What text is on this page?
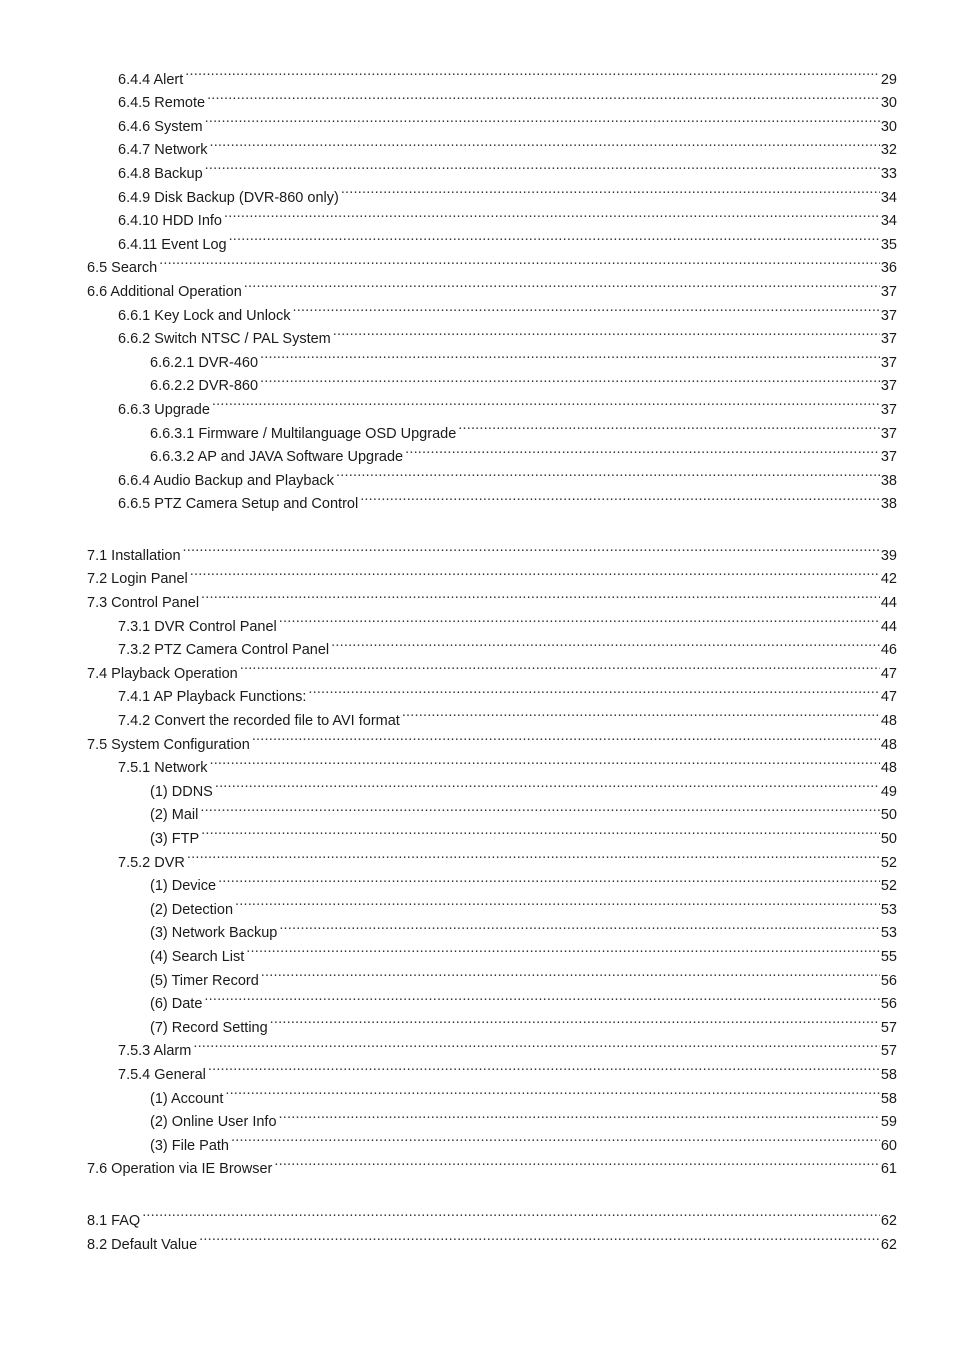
6.4.4 Alert .....	29
6.4.5 Remote .....	30
6.4.6 System .....	30
6.4.7 Network .....	32
6.4.8 Backup .....	33
6.4.9 Disk Backup (DVR-860 only) .....	34
6.4.10 HDD Info .....	34
6.4.11 Event Log .....	35
6.5 Search .....	36
6.6 Additional Operation .....	37
6.6.1 Key Lock and Unlock .....	37
6.6.2 Switch NTSC / PAL System .....	37
6.6.2.1 DVR-460 .....	37
6.6.2.2 DVR-860 .....	37
6.6.3 Upgrade .....	37
6.6.3.1 Firmware / Multilanguage OSD Upgrade .....	37
6.6.3.2 AP and JAVA Software Upgrade .....	37
6.6.4 Audio Backup and Playback .....	38
6.6.5 PTZ Camera Setup and Control .....	38
7.1 Installation .....	39
7.2 Login Panel .....	42
7.3 Control Panel .....	44
7.3.1 DVR Control Panel .....	44
7.3.2 PTZ Camera Control Panel .....	46
7.4 Playback Operation .....	47
7.4.1 AP Playback Functions: .....	47
7.4.2 Convert the recorded file to AVI format .....	48
7.5 System Configuration .....	48
7.5.1 Network .....	48
(1) DDNS .....	49
(2) Mail .....	50
(3) FTP .....	50
7.5.2 DVR .....	52
(1) Device .....	52
(2) Detection .....	53
(3) Network Backup .....	53
(4) Search List .....	55
(5) Timer Record .....	56
(6) Date .....	56
(7) Record Setting .....	57
7.5.3 Alarm .....	57
7.5.4 General .....	58
(1) Account .....	58
(2) Online User Info .....	59
(3) File Path .....	60
7.6 Operation via IE Browser .....	61
8.1 FAQ .....	62
8.2 Default Value .....	62
